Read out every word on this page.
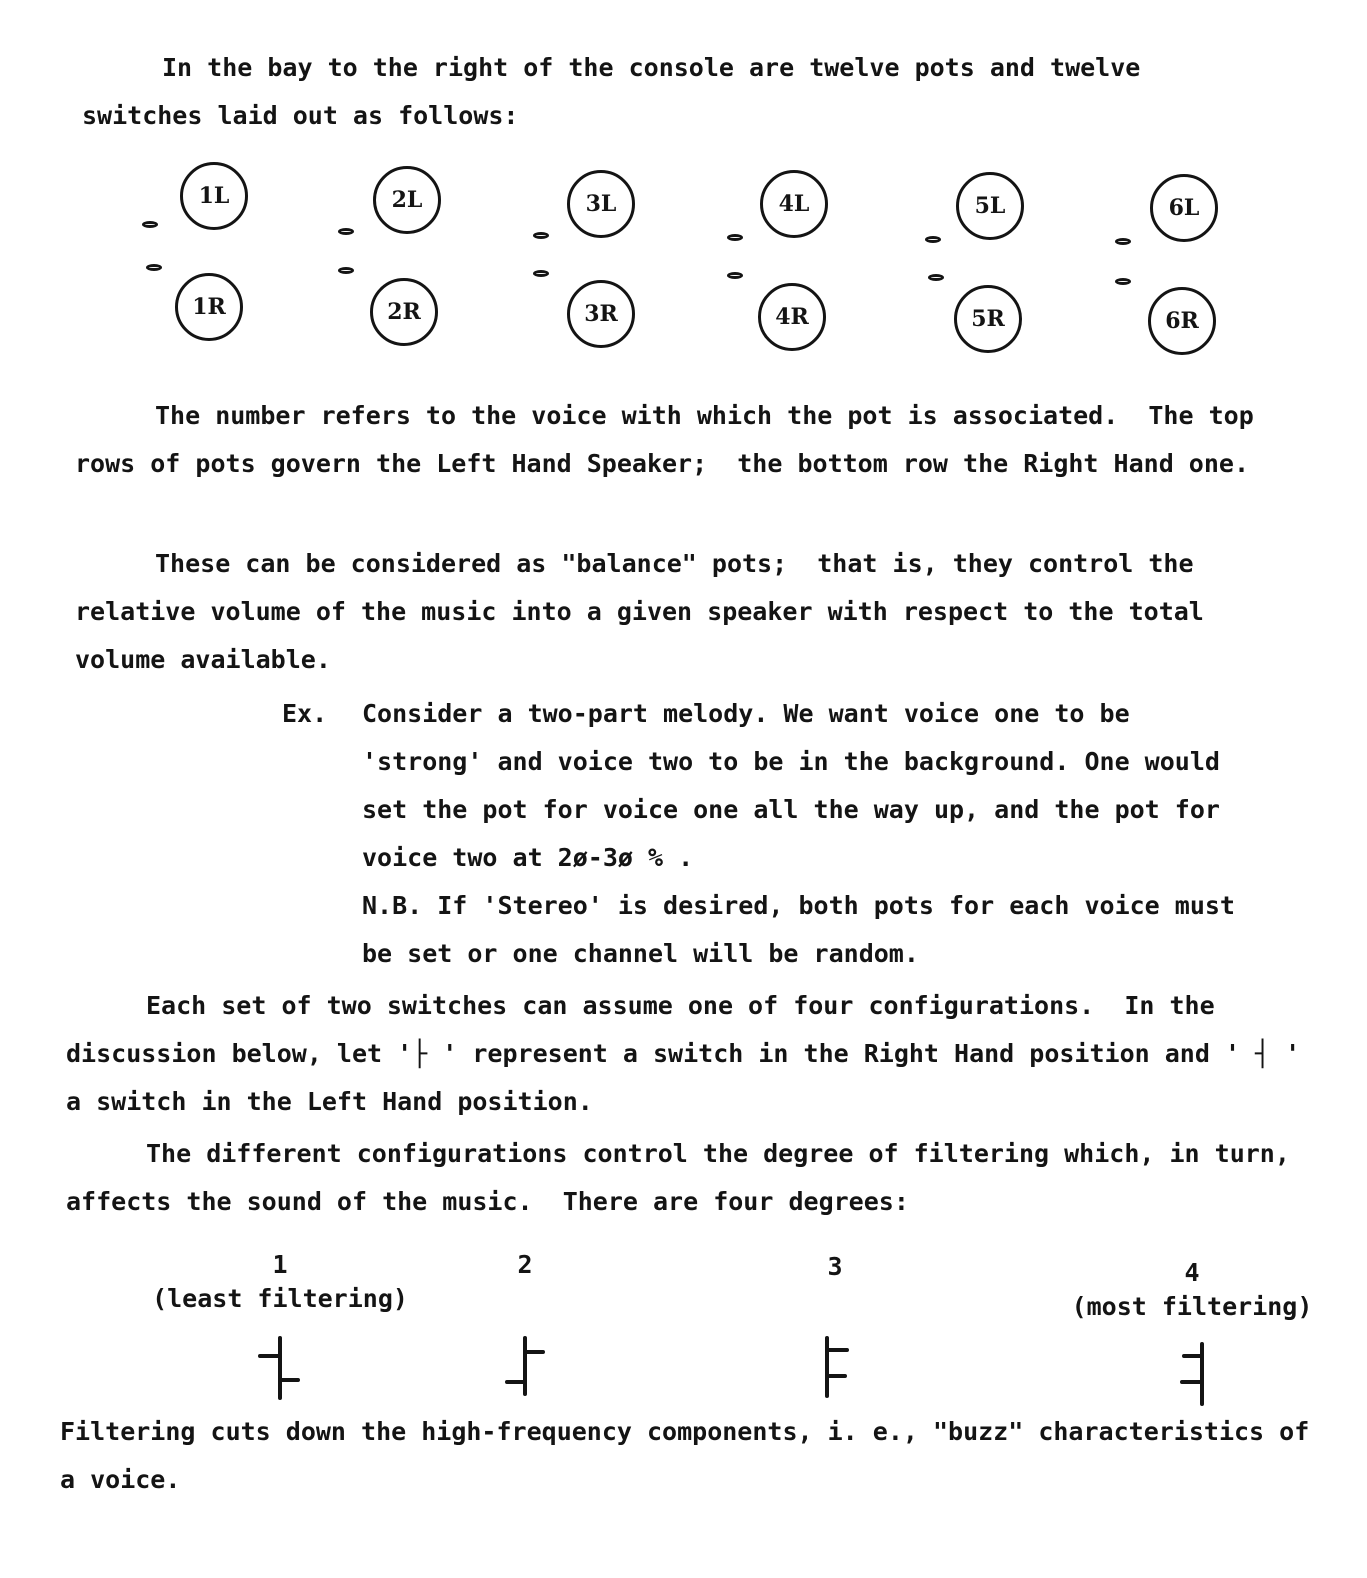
In the bay to the right of the console are twelve pots and twelve switches laid out as follows:

1L	2L	3L	4L	5L	6L
1R	2R	3R	4R	5R	6R

The number refers to the voice with which the pot is associated.  The top rows of pots govern the Left Hand Speaker;  the bottom row the Right Hand one.

These can be considered as "balance" pots;  that is, they control the relative volume of the music into a given speaker with respect to the total volume available.

Ex. Consider a two-part melody. We want voice one to be 'strong' and voice two to be in the background. One would set the pot for voice one all the way up, and the pot for voice two at 2ø-3ø % .
N.B. If 'Stereo' is desired, both pots for each voice must be set or one channel will be random.

Each set of two switches can assume one of four configurations.  In the discussion below, let '├ ' represent a switch in the Right Hand position and ' ┤ ' a switch in the Left Hand position.

The different configurations control the degree of filtering which, in turn, affects the sound of the music.  There are four degrees:

1
(least filtering)
2	3	4
(most filtering)

Filtering cuts down the high-frequency components, i. e., "buzz" characteristics of a voice.
